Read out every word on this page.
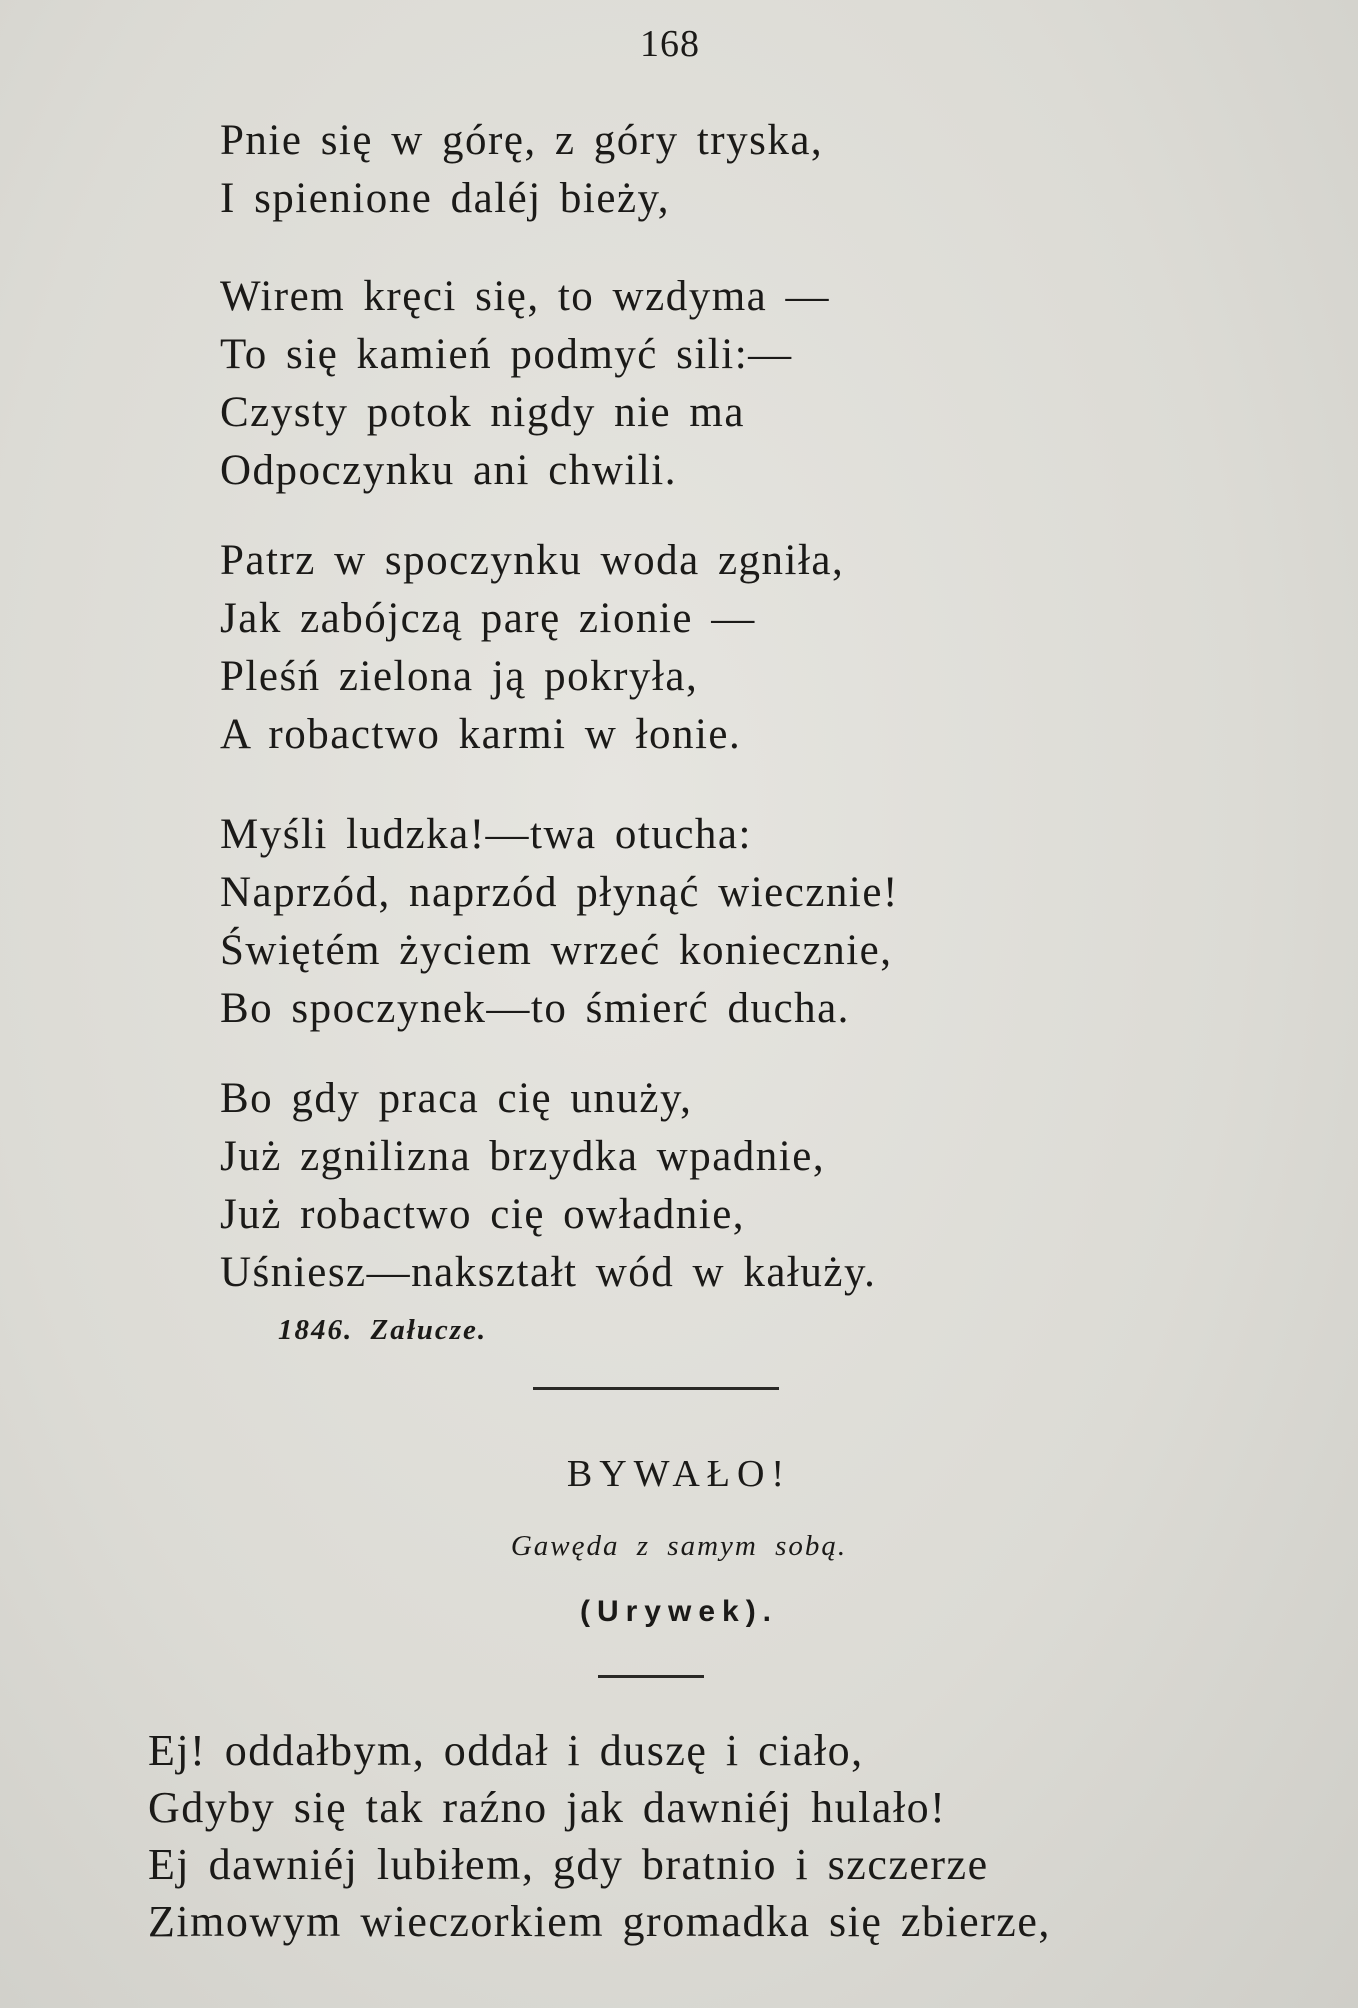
168
Pnie się w górę, z góry tryska,
I spienione daléj bieży,
Wirem kręci się, to wzdyma —
To się kamień podmyć sili:—
Czysty potok nigdy nie ma
Odpoczynku ani chwili.
Patrz w spoczynku woda zgniła,
Jak zabójczą parę zionie —
Pleśń zielona ją pokryła,
A robactwo karmi w łonie.
Myśli ludzka!—twa otucha:
Naprzód, naprzód płynąć wiecznie!
Świętém życiem wrzeć koniecznie,
Bo spoczynek—to śmierć ducha.
Bo gdy praca cię unuży,
Już zgnilizna brzydka wpadnie,
Już robactwo cię owładnie,
Uśniesz—nakształt wód w kałuży.
1846. Załucze.
BYWAŁO!
Gawęda z samym sobą.
(Urywek).
Ej! oddałbym, oddał i duszę i ciało,
Gdyby się tak raźno jak dawniéj hulało!
Ej dawniéj lubiłem, gdy bratnio i szczerze
Zimowym wieczorkiem gromadka się zbierze,
